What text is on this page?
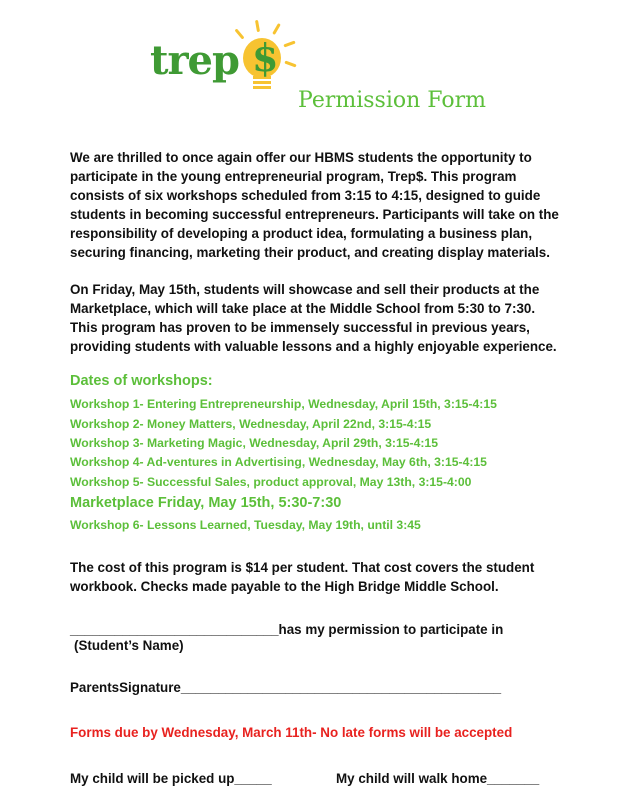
trep $
Permission Form
We are thrilled to once again offer our HBMS students the opportunity to participate in the young entrepreneurial program, Trep$. This program consists of six workshops scheduled from 3:15 to 4:15, designed to guide students in becoming successful entrepreneurs. Participants will take on the responsibility of developing a product idea, formulating a business plan, securing financing, marketing their product, and creating display materials.
On Friday, May 15th, students will showcase and sell their products at the Marketplace, which will take place at the Middle School from 5:30 to 7:30. This program has proven to be immensely successful in previous years, providing students with valuable lessons and a highly enjoyable experience.
Dates of workshops:
Workshop 1- Entering Entrepreneurship, Wednesday, April 15th, 3:15-4:15
Workshop 2- Money Matters, Wednesday, April 22nd, 3:15-4:15
Workshop 3- Marketing Magic, Wednesday, April 29th, 3:15-4:15
Workshop 4- Ad-ventures in Advertising, Wednesday, May 6th, 3:15-4:15
Workshop 5- Successful Sales, product approval, May 13th, 3:15-4:00
Marketplace Friday, May 15th, 5:30-7:30
Workshop 6- Lessons Learned, Tuesday, May 19th, until 3:45
The cost of this program is $14 per student. That cost covers the student workbook. Checks made payable to the High Bridge Middle School.
____________________________has my permission to participate in
(Student’s Name)
ParentsSignature___________________________________________
Forms due by Wednesday, March 11th- No late forms will be accepted
My child will be picked up_____	My child will walk home_______
